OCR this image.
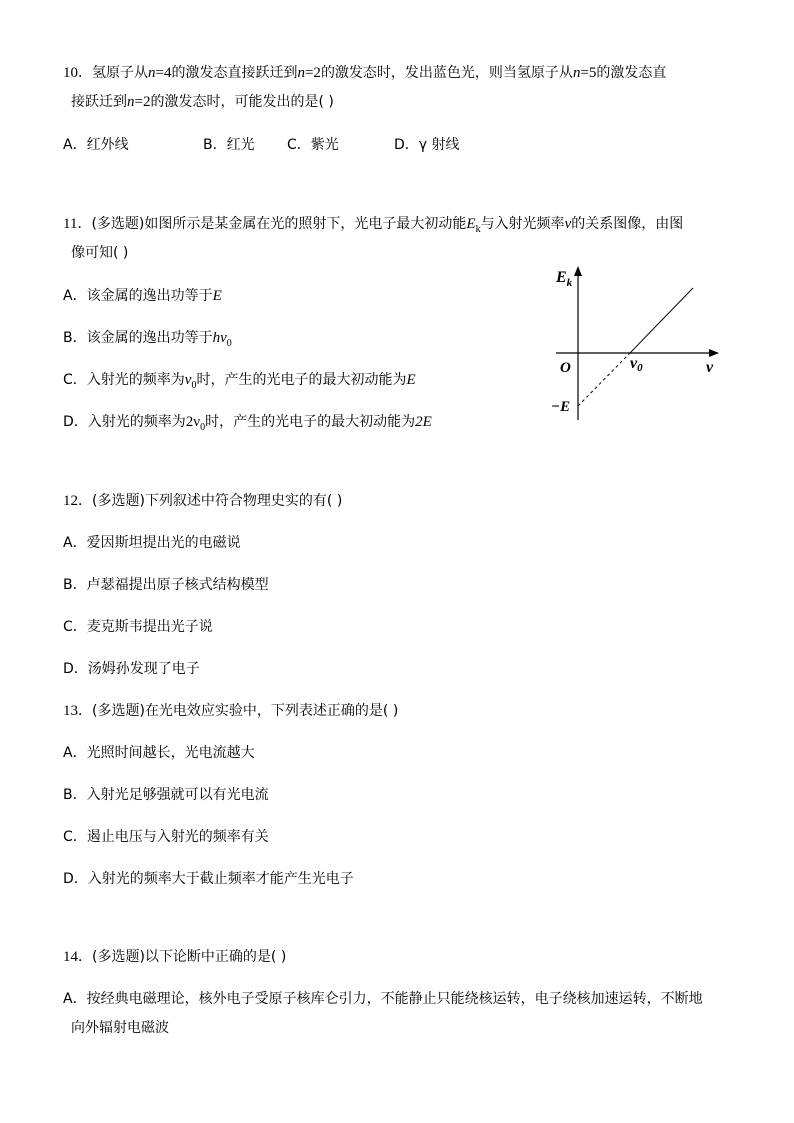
10．氢原子从n=4的激发态直接跃迁到n=2的激发态时，发出蓝色光，则当氢原子从n=5的激发态直
接跃迁到n=2的激发态时，可能发出的是( )
A．红外线	B．红光 C．紫光	D．γ 射线
11．(多选题)如图所示是某金属在光的照射下，光电子最大初动能$E_k$与入射光频率ν的关系图像，由图
像可知( )
A．该金属的逸出功等于E
B．该金属的逸出功等于$h\nu_0$
C．入射光的频率为$\nu_0$时，产生的光电子的最大初动能为E
D．入射光的频率为$2\nu_0$时，产生的光电子的最大初动能为2E
$E_k$
ν
O	ν0
−E
12．(多选题)下列叙述中符合物理史实的有( )
A．爱因斯坦提出光的电磁说
B．卢瑟福提出原子核式结构模型
C．麦克斯韦提出光子说
D．汤姆孙发现了电子
13．(多选题)在光电效应实验中，下列表述正确的是( )
A．光照时间越长，光电流越大
B．入射光足够强就可以有光电流
C．遏止电压与入射光的频率有关
D．入射光的频率大于截止频率才能产生光电子
14．(多选题)以下论断中正确的是( )
A．按经典电磁理论，核外电子受原子核库仑引力，不能静止只能绕核运转，电子绕核加速运转，不断地
向外辐射电磁波
